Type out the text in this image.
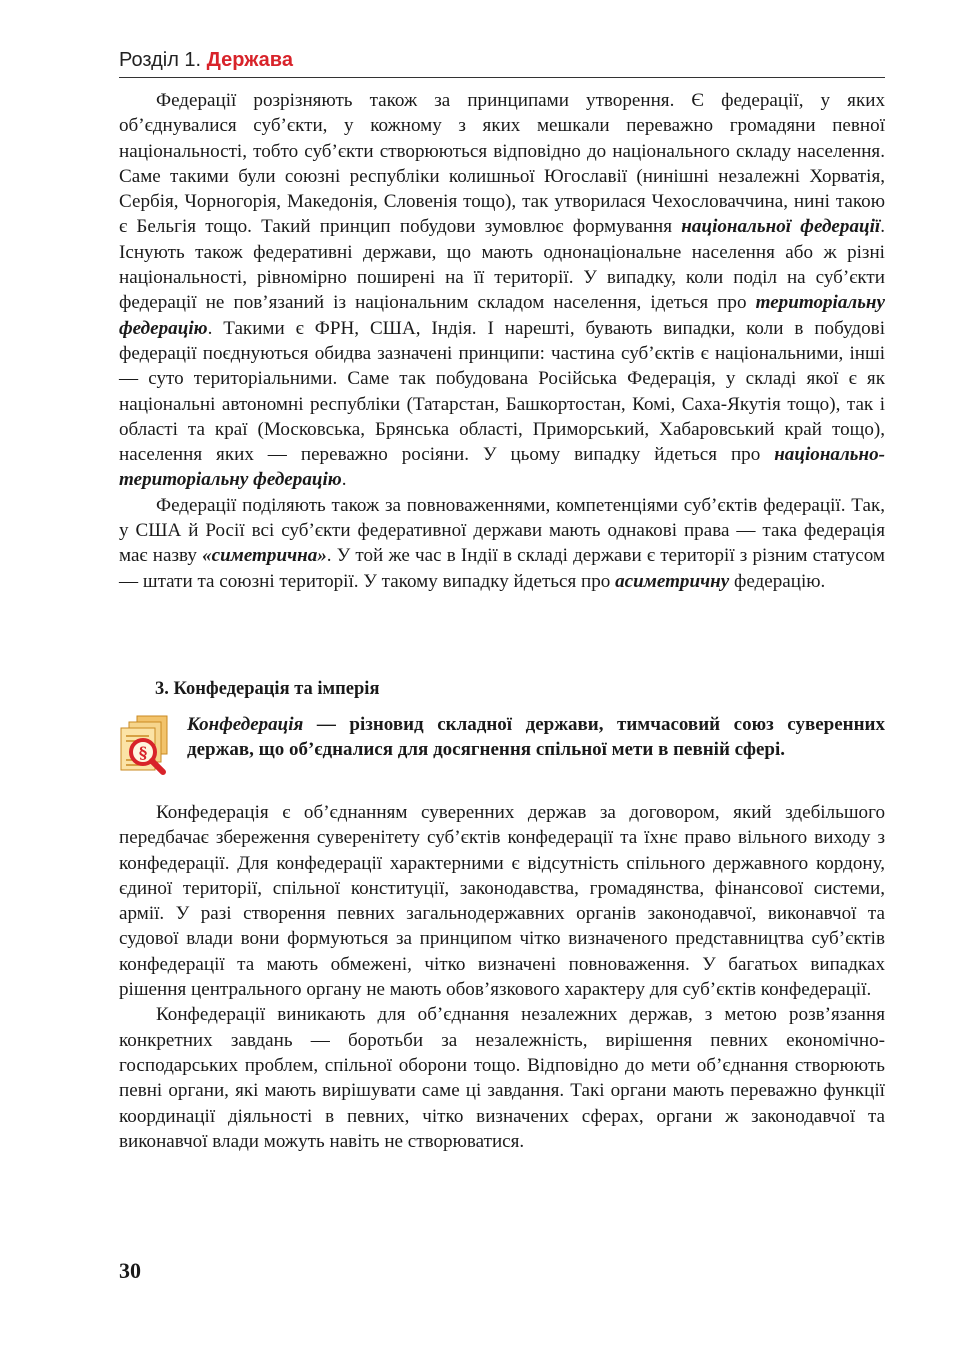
Розділ 1. Держава

Федерації розрізняють також за принципами утворення. Є федерації, у яких об’єднувалися суб’єкти, у кожному з яких мешкали переважно громадяни певної національності, тобто суб’єкти створюються відповідно до національного складу населення. Саме такими були союзні республіки колишньої Югославії (нинішні незалежні Хорватія, Сербія, Чорногорія, Македонія, Словенія тощо), так утворилася Чехословаччина, нині такою є Бельгія тощо. Такий принцип побудови зумовлює формування національної федерації. Існують також федеративні держави, що мають однонаціональне населення або ж різні національності, рівномірно поширені на її території. У випадку, коли поділ на суб’єкти федерації не пов’язаний із національним складом населення, ідеться про територіальну федерацію. Такими є ФРН, США, Індія. І нарешті, бувають випадки, коли в побудові федерації поєднуються обидва зазначені принципи: частина суб’єктів є національними, інші — суто територіальними. Саме так побудована Російська Федерація, у складі якої є як національні автономні республіки (Татарстан, Башкортостан, Комі, Саха-Якутія тощо), так і області та краї (Московська, Брянська області, Приморський, Хабаровський край тощо), населення яких — переважно росіяни. У цьому випадку йдеться про національно-територіальну федерацію.

Федерації поділяють також за повноваженнями, компетенціями суб’єктів федерації. Так, у США й Росії всі суб’єкти федеративної держави мають однакові права — така федерація має назву «симетрична». У той же час в Індії в складі держави є території з різним статусом — штати та союзні території. У такому випадку йдеться про асиметричну федерацію.

3. Конфедерація та імперія
§
Конфедерація — різновид складної держави, тимчасовий союз суверенних держав, що об’єдналися для досягнення спільної мети в певній сфері.

Конфедерація є об’єднанням суверенних держав за договором, який здебільшого передбачає збереження суверенітету суб’єктів конфедерації та їхнє право вільного виходу з конфедерації. Для конфедерації характерними є відсутність спільного державного кордону, єдиної території, спільної конституції, законодавства, громадянства, фінансової системи, армії. У разі створення певних загальнодержавних органів законодавчої, виконавчої та судової влади вони формуються за принципом чітко визначеного представництва суб’єктів конфедерації та мають обмежені, чітко визначені повноваження. У багатьох випадках рішення центрального органу не мають обов’язкового характеру для суб’єктів конфедерації.

Конфедерації виникають для об’єднання незалежних держав, з метою розв’язання конкретних завдань — боротьби за незалежність, вирішення певних економічно-господарських проблем, спільної оборони тощо. Відповідно до мети об’єднання створюють певні органи, які мають вирішувати саме ці завдання. Такі органи мають переважно функції координації діяльності в певних, чітко визначених сферах, органи ж законодавчої та виконавчої влади можуть навіть не створюватися.

30
